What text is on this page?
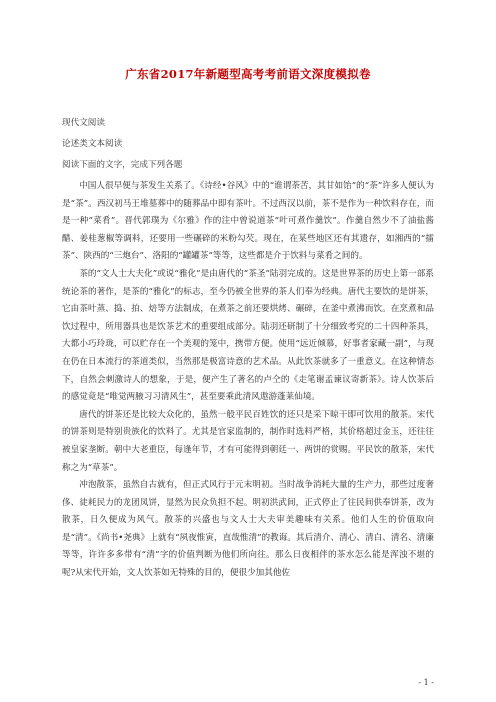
广东省2017年新题型高考考前语文深度模拟卷
现代文阅读
论述类文本阅读
阅读下面的文字，完成下列各题

中国人很早便与茶发生关系了。《诗经•谷风》中的“谁谓荼苦，其甘如饴”的“荼”许多人便认为是“茶”。西汉初马王堆墓葬中的随葬品中即有茶叶。不过西汉以前，茶不是作为一种饮料存在，而是一种“菜肴”。晋代郭璞为《尔雅》作的注中曾说道茶“叶可煮作羹饮”。作羹自然少不了油盐酱醋、姜桂葱椒等调料，还要用一些碾碎的米粉勾芡。现在，在某些地区还有其遗存，如湘西的“擂茶”、陕西的“三炮台”、洛阳的“罐罐茶”等等，这些都是介于饮料与菜肴之间的。

茶的“文人士大夫化”或说“雅化”是由唐代的“茶圣”陆羽完成的。这是世界茶的历史上第一部系统论茶的著作，是茶的“雅化”的标志，至今仍被全世界的茶人们奉为经典。唐代主要饮的是饼茶，它由茶叶蒸、捣、拍、焙等方法制成，在煮茶之前还要烘烤、碾碎，在釜中煮沸而饮。在烹煮和品饮过程中，所用器具也是饮茶艺术的重要组成部分。陆羽还研制了十分细致考究的二十四种茶具，大都小巧玲珑，可以贮存在一个美观的笼中，携带方便。使用“远近倾慕，好事者家藏一副”，与现在仍在日本流行的茶道类似，当然那是极富诗意的艺术品。从此饮茶就多了一重意义。在这种情态下，自然会刺激诗人的想象，于是，便产生了著名的卢仝的《走笔谢孟谏议寄新茶》。诗人饮茶后的感觉竟是“唯觉两腋习习清风生”，甚至要乘此清风遨游蓬莱仙境。

唐代的饼茶还是比较大众化的，虽然一般平民百姓饮的还只是采下晾干即可饮用的散茶。宋代的饼茶则是特别贵族化的饮料了。尤其是官家监制的，制作时选料严格，其价格超过金玉，还往往被皇家垄断。朝中大老重臣，每逢年节，才有可能得到朝廷一、两饼的赏赐。平民饮的散茶，宋代称之为“草茶”。

冲泡散茶，虽然自古就有，但正式风行于元末明初。当时战争消耗大量的生产力，那些过度奢侈、徒耗民力的龙团凤饼，显然为民众负担不起。明初洪武间，正式停止了往民间供奉饼茶，改为散茶，日久便成为风气。散茶的兴盛也与文人士大夫审美趣味有关系。他们人生的价值取向是“清”。《尚书•尧典》上就有“夙夜惟寅，直哉惟清”的教诲。其后清介、清心、清白、清名、清廉等等，许许多多带有“清”字的价值判断为他们所向往。那么日夜相伴的茶水怎么能是浑浊不堪的呢?从宋代开始，文人饮茶如无特殊的目的，便很少加其他佐

- 1 -
